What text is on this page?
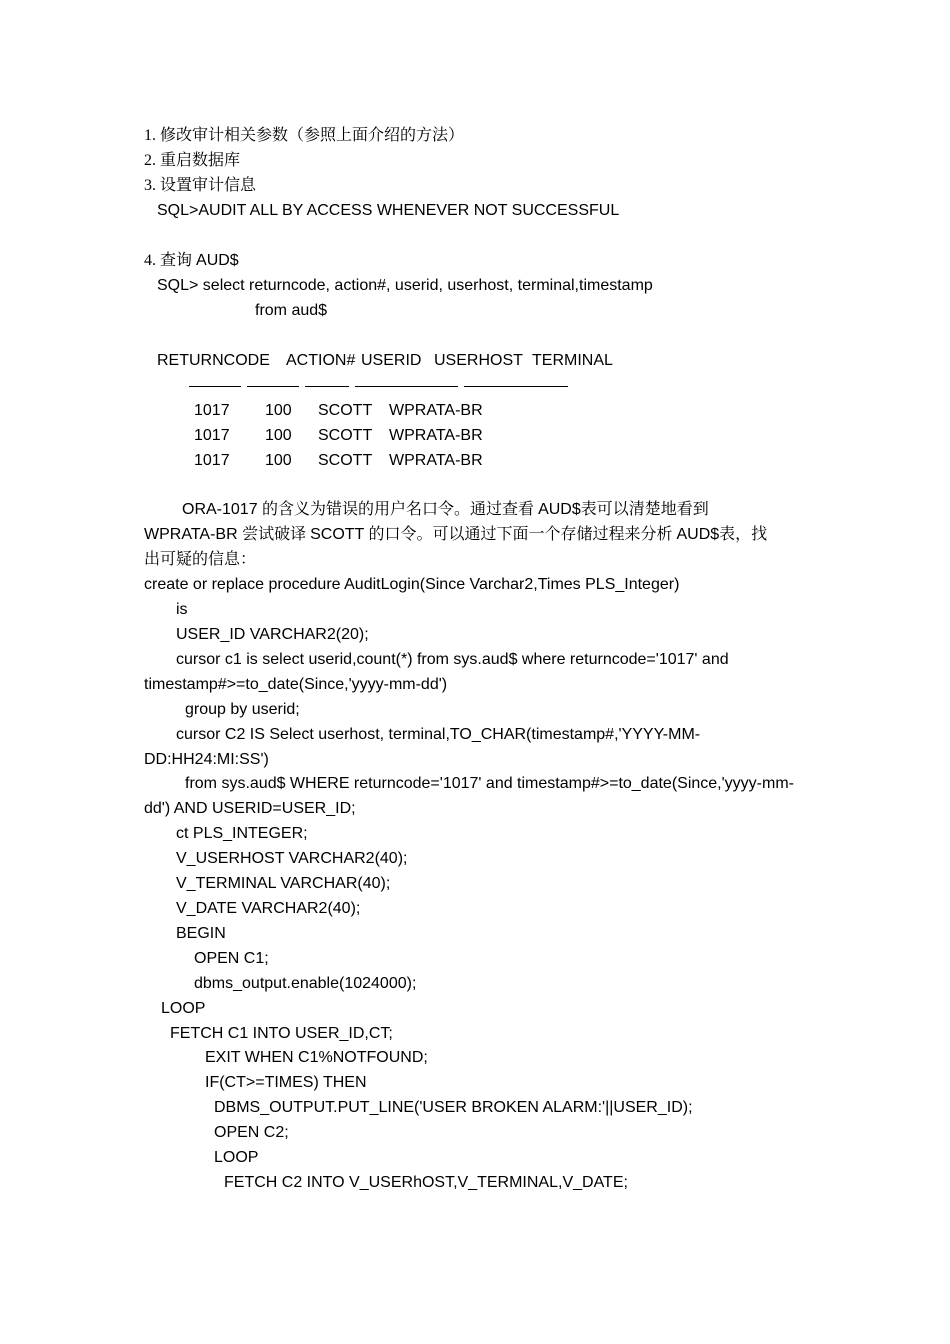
1. 修改审计相关参数（参照上面介绍的方法）
2. 重启数据库
3. 设置审计信息
SQL>AUDIT ALL BY ACCESS WHENEVER NOT SUCCESSFUL
4. 查询 AUD$
SQL> select returncode, action#, userid, userhost, terminal,timestamp
from aud$
RETURNCODE ACTION# USERID USERHOST TERMINAL
1017 100 SCOTT WPRATA-BR
1017 100 SCOTT WPRATA-BR
1017 100 SCOTT WPRATA-BR
ORA-1017 的含义为错误的用户名口令。通过查看 AUD$表可以清楚地看到
WPRATA-BR 尝试破译 SCOTT 的口令。可以通过下面一个存储过程来分析 AUD$表，找
出可疑的信息：
create or replace procedure AuditLogin(Since Varchar2,Times PLS_Integer)
is
USER_ID VARCHAR2(20);
cursor c1 is select userid,count(*) from sys.aud$ where returncode='1017' and
timestamp#>=to_date(Since,'yyyy-mm-dd')
group by userid;
cursor C2 IS Select userhost, terminal,TO_CHAR(timestamp#,'YYYY-MM-
DD:HH24:MI:SS')
from sys.aud$ WHERE returncode='1017' and timestamp#>=to_date(Since,'yyyy-mm-
dd') AND USERID=USER_ID;
ct PLS_INTEGER;
V_USERHOST VARCHAR2(40);
V_TERMINAL VARCHAR(40);
V_DATE VARCHAR2(40);
BEGIN
OPEN C1;
dbms_output.enable(1024000);
LOOP
FETCH C1 INTO USER_ID,CT;
EXIT WHEN C1%NOTFOUND;
IF(CT>=TIMES) THEN
DBMS_OUTPUT.PUT_LINE('USER BROKEN ALARM:'||USER_ID);
OPEN C2;
LOOP
FETCH C2 INTO V_USERhOST,V_TERMINAL,V_DATE;
